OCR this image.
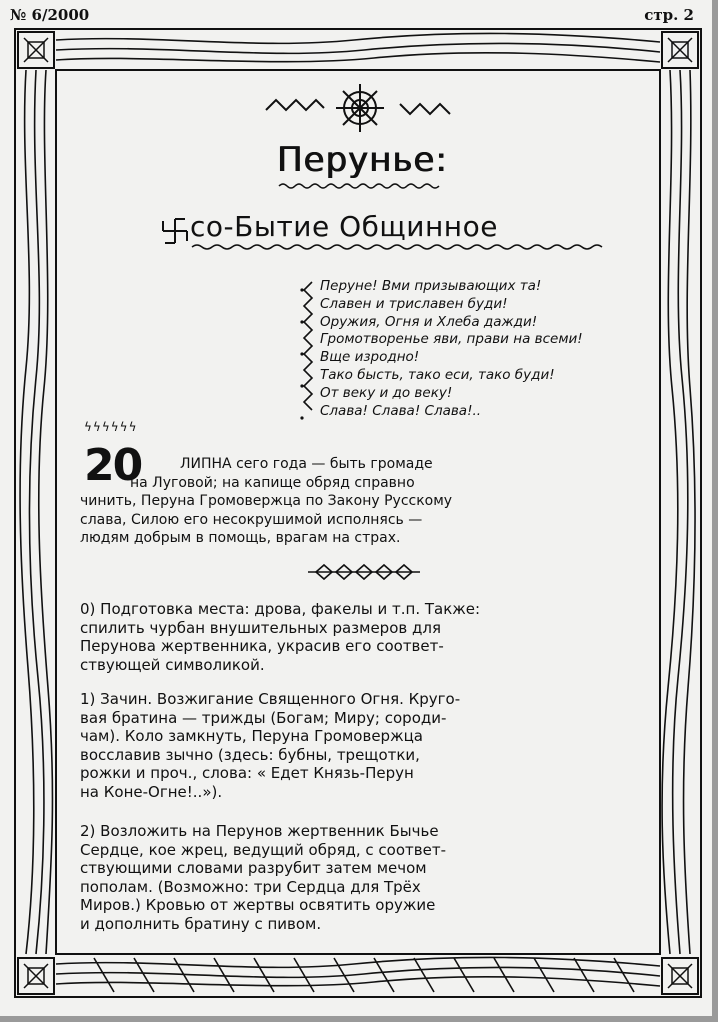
№ 6/2000	стр. 2
Перунье:
со-Бытие Общинное
Перуне! Вми призывающих та!
Славен и триславен буди!
Оружия, Огня и Хлеба дажди!
Громотворенье яви, прави на всеми!
Вще изродно!
Тако бысть, тако еси, тако буди!
От веку и до веку!
Слава! Слава! Слава!..
ϟϟϟϟϟϟ
20	ЛИПНА сего года — быть громаде
на Луговой; на капище обряд справно
чинить, Перуна Громовержца по Закону Русскому
слава, Силою его несокрушимой исполнясь —
людям добрым в помощь, врагам на страх.
0) Подготовка места: дрова, факелы и т.п. Также:
спилить чурбан внушительных размеров для
Перунова жертвенника, украсив его соответ-
ствующей символикой.
1) Зачин. Возжигание Священного Огня. Круго-
вая братина — трижды (Богам; Миру; сороди-
чам). Коло замкнуть, Перуна Громовержца
восславив зычно (здесь: бубны, трещотки,
рожки и проч., слова: « Едет Князь-Перун
на Коне-Огне!..»).
2) Возложить на Перунов жертвенник Бычье
Сердце, кое жрец, ведущий обряд, с соответ-
ствующими словами разрубит затем мечом
пополам. (Возможно: три Сердца для Трёх
Миров.) Кровью от жертвы освятить оружие
и дополнить братину с пивом.
